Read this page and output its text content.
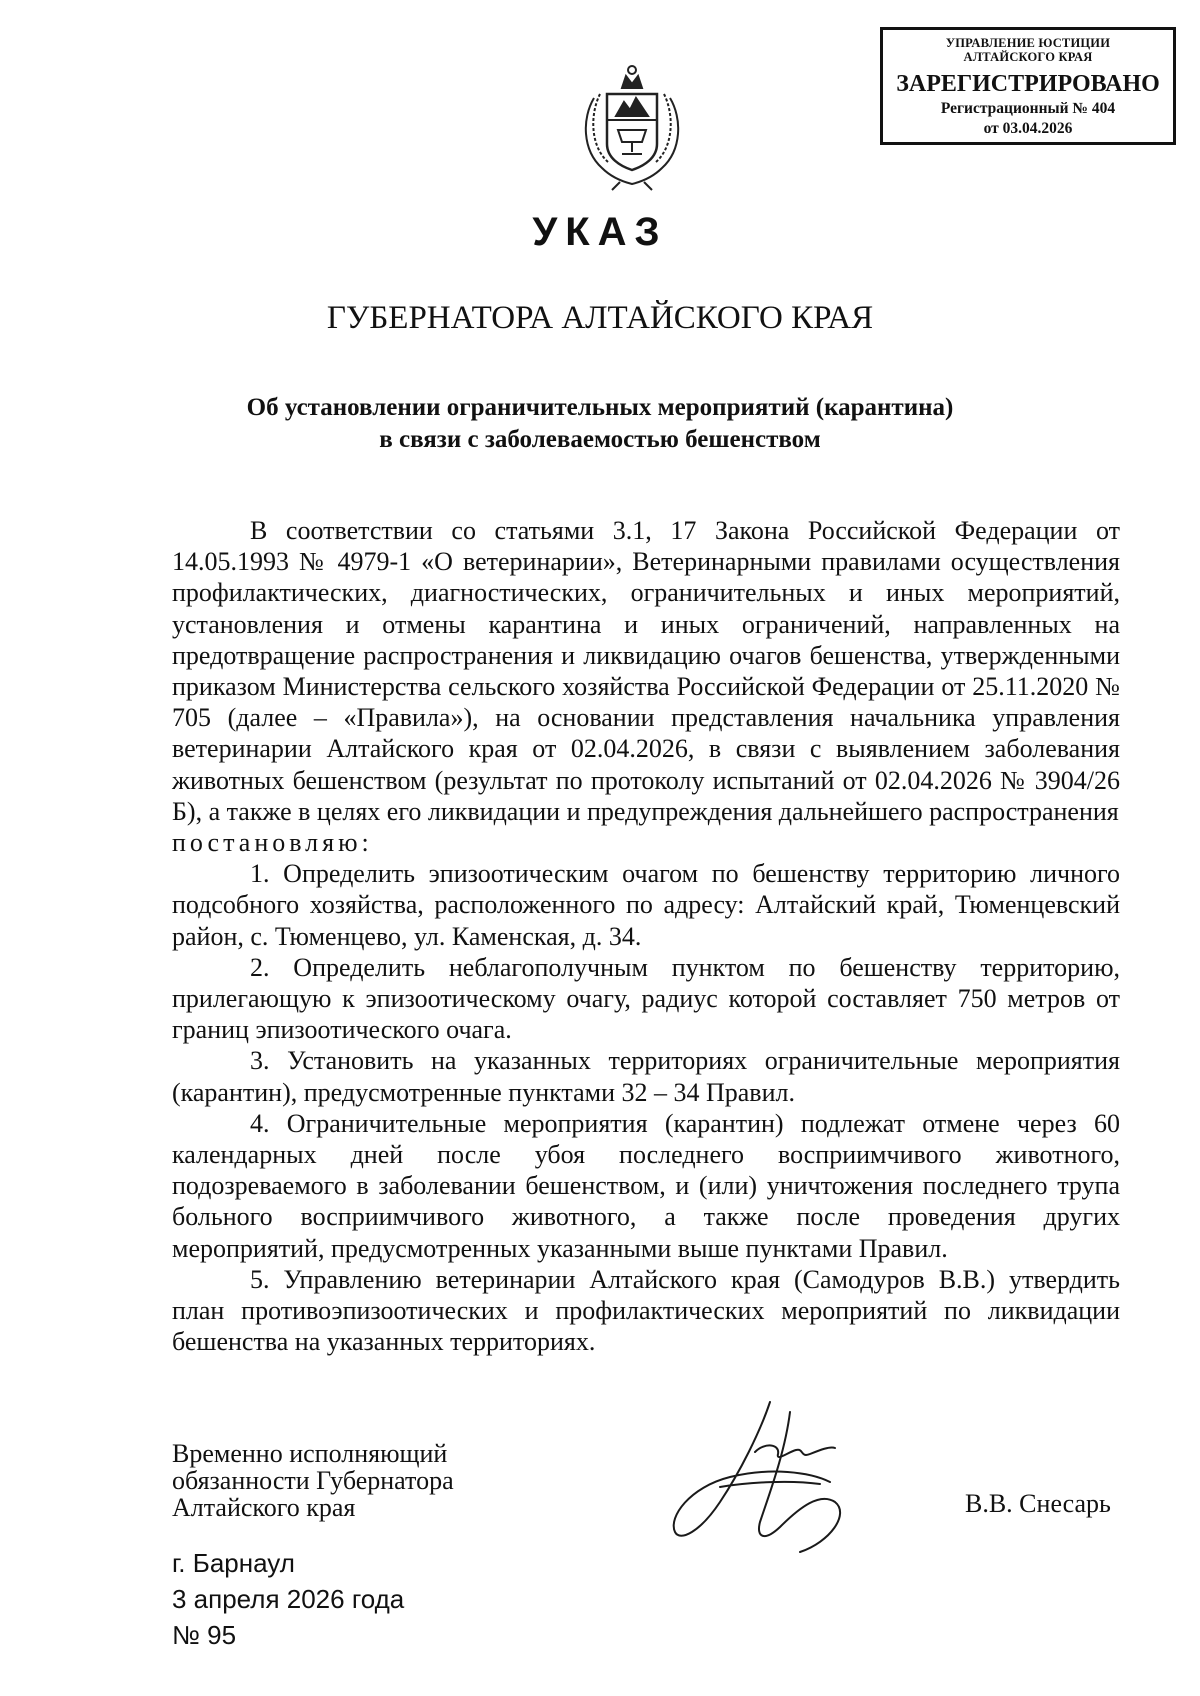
УПРАВЛЕНИЕ ЮСТИЦИИ
АЛТАЙСКОГО КРАЯ
ЗАРЕГИСТРИРОВАНО
Регистрационный № 404
от 03.04.2026
УКАЗ
ГУБЕРНАТОРА АЛТАЙСКОГО КРАЯ
Об установлении ограничительных мероприятий (карантина)
в связи с заболеваемостью бешенством

В соответствии со статьями 3.1, 17 Закона Российской Федерации от 14.05.1993 № 4979-1 «О ветеринарии», Ветеринарными правилами осуществления профилактических, диагностических, ограничительных и иных мероприятий, установления и отмены карантина и иных ограничений, направленных на предотвращение распространения и ликвидацию очагов бешенства, утвержденными приказом Министерства сельского хозяйства Российской Федерации от 25.11.2020 № 705 (далее – «Правила»), на основании представления начальника управления ветеринарии Алтайского края от 02.04.2026, в связи с выявлением заболевания животных бешенством (результат по протоколу испытаний от 02.04.2026 № 3904/26 Б), а также в целях его ликвидации и предупреждения дальнейшего распространения

постановляю:

1. Определить эпизоотическим очагом по бешенству территорию личного подсобного хозяйства, расположенного по адресу: Алтайский край, Тюменцевский район, с. Тюменцево, ул. Каменская, д. 34.

2. Определить неблагополучным пунктом по бешенству территорию, прилегающую к эпизоотическому очагу, радиус которой составляет 750 метров от границ эпизоотического очага.

3. Установить на указанных территориях ограничительные мероприятия (карантин), предусмотренные пунктами 32 – 34 Правил.

4. Ограничительные мероприятия (карантин) подлежат отмене через 60 календарных дней после убоя последнего восприимчивого животного, подозреваемого в заболевании бешенством, и (или) уничтожения последнего трупа больного восприимчивого животного, а также после проведения других мероприятий, предусмотренных указанными выше пунктами Правил.

5. Управлению ветеринарии Алтайского края (Самодуров В.В.) утвердить план противоэпизоотических и профилактических мероприятий по ликвидации бешенства на указанных территориях.

Временно исполняющий
обязанности Губернатора
Алтайского края	В.В. Снесарь
г. Барнаул
3 апреля 2026 года
№ 95
